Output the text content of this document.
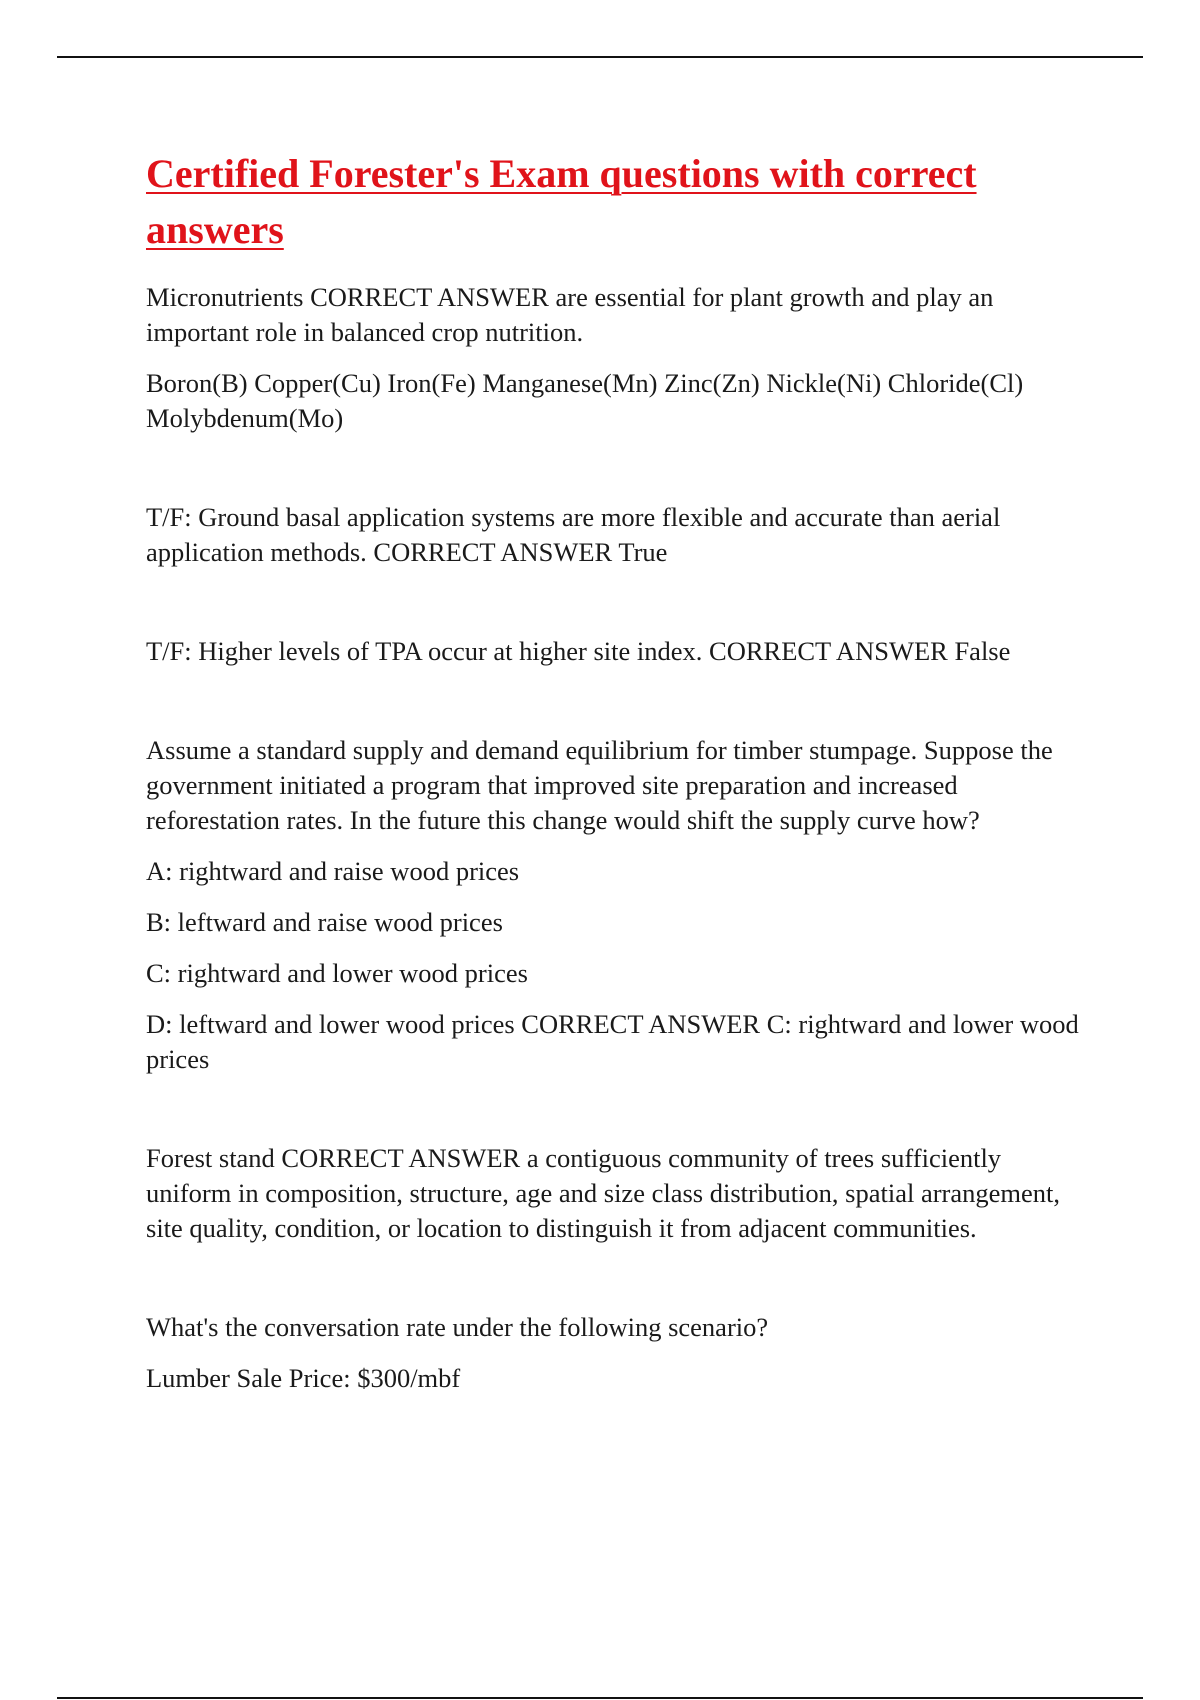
Certified Forester's Exam questions with correct answers

Micronutrients CORRECT ANSWER are essential for plant growth and play an important role in balanced crop nutrition.

Boron(B) Copper(Cu) Iron(Fe) Manganese(Mn) Zinc(Zn) Nickle(Ni) Chloride(Cl) Molybdenum(Mo)

T/F: Ground basal application systems are more flexible and accurate than aerial application methods. CORRECT ANSWER True

T/F: Higher levels of TPA occur at higher site index. CORRECT ANSWER False

Assume a standard supply and demand equilibrium for timber stumpage. Suppose the government initiated a program that improved site preparation and increased reforestation rates. In the future this change would shift the supply curve how?

A: rightward and raise wood prices

B: leftward and raise wood prices

C: rightward and lower wood prices

D: leftward and lower wood prices CORRECT ANSWER C: rightward and lower wood prices

Forest stand CORRECT ANSWER a contiguous community of trees sufficiently uniform in composition, structure, age and size class distribution, spatial arrangement, site quality, condition, or location to distinguish it from adjacent communities.

What's the conversation rate under the following scenario?

Lumber Sale Price: $300/mbf
